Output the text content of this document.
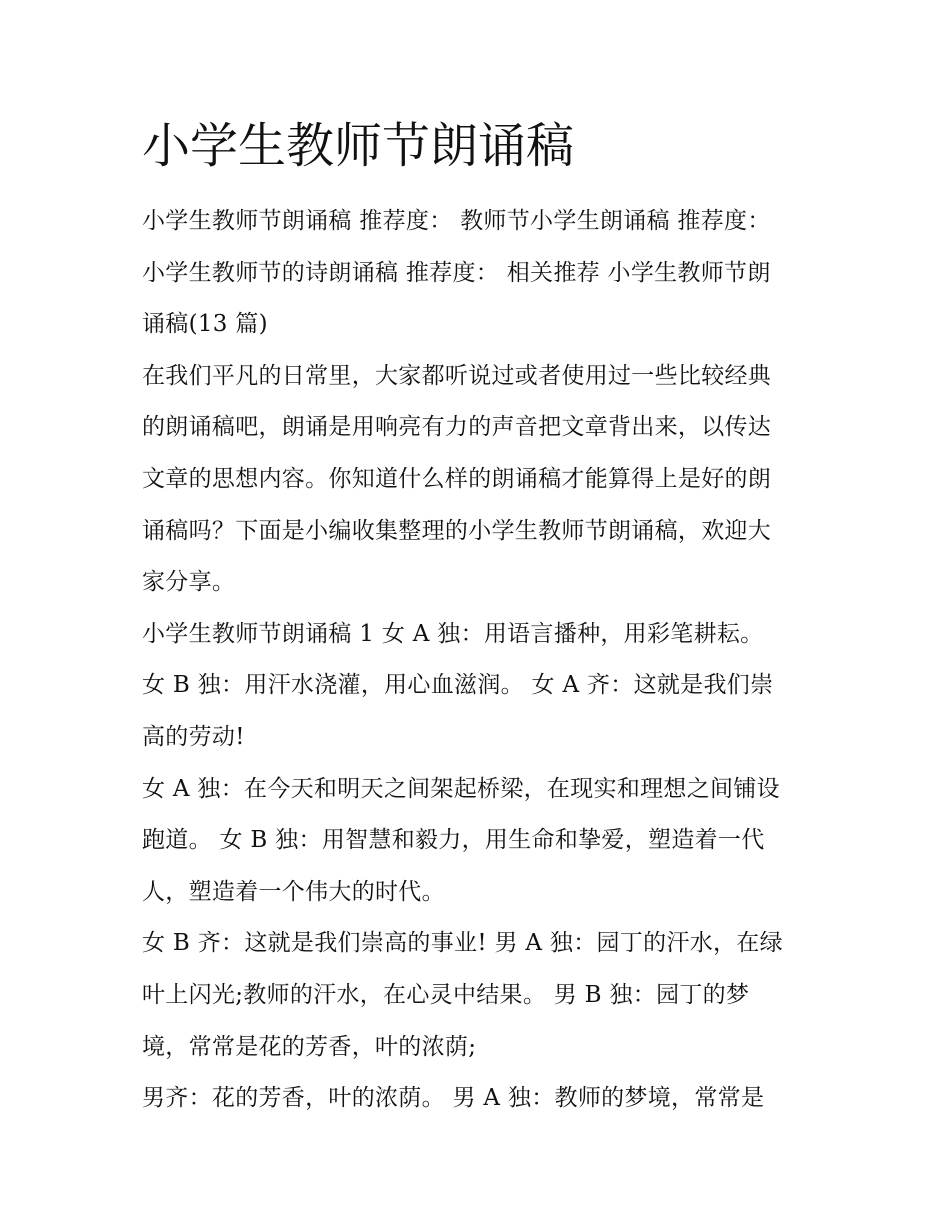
小学生教师节朗诵稿

小学生教师节朗诵稿 推荐度： 教师节小学生朗诵稿 推荐度：
小学生教师节的诗朗诵稿 推荐度： 相关推荐 小学生教师节朗
诵稿(13 篇)

在我们平凡的日常里，大家都听说过或者使用过一些比较经典
的朗诵稿吧，朗诵是用响亮有力的声音把文章背出来，以传达
文章的思想内容。你知道什么样的朗诵稿才能算得上是好的朗
诵稿吗？下面是小编收集整理的小学生教师节朗诵稿，欢迎大
家分享。

小学生教师节朗诵稿 1 女 A 独：用语言播种，用彩笔耕耘。

女 B 独：用汗水浇灌，用心血滋润。 女 A 齐：这就是我们崇
高的劳动!

女 A 独：在今天和明天之间架起桥梁，在现实和理想之间铺设
跑道。 女 B 独：用智慧和毅力，用生命和挚爱，塑造着一代
人，塑造着一个伟大的时代。

女 B 齐：这就是我们崇高的事业! 男 A 独：园丁的汗水，在绿
叶上闪光;教师的汗水，在心灵中结果。 男 B 独：园丁的梦
境，常常是花的芳香，叶的浓荫;

男齐：花的芳香，叶的浓荫。 男 A 独：教师的梦境，常常是
